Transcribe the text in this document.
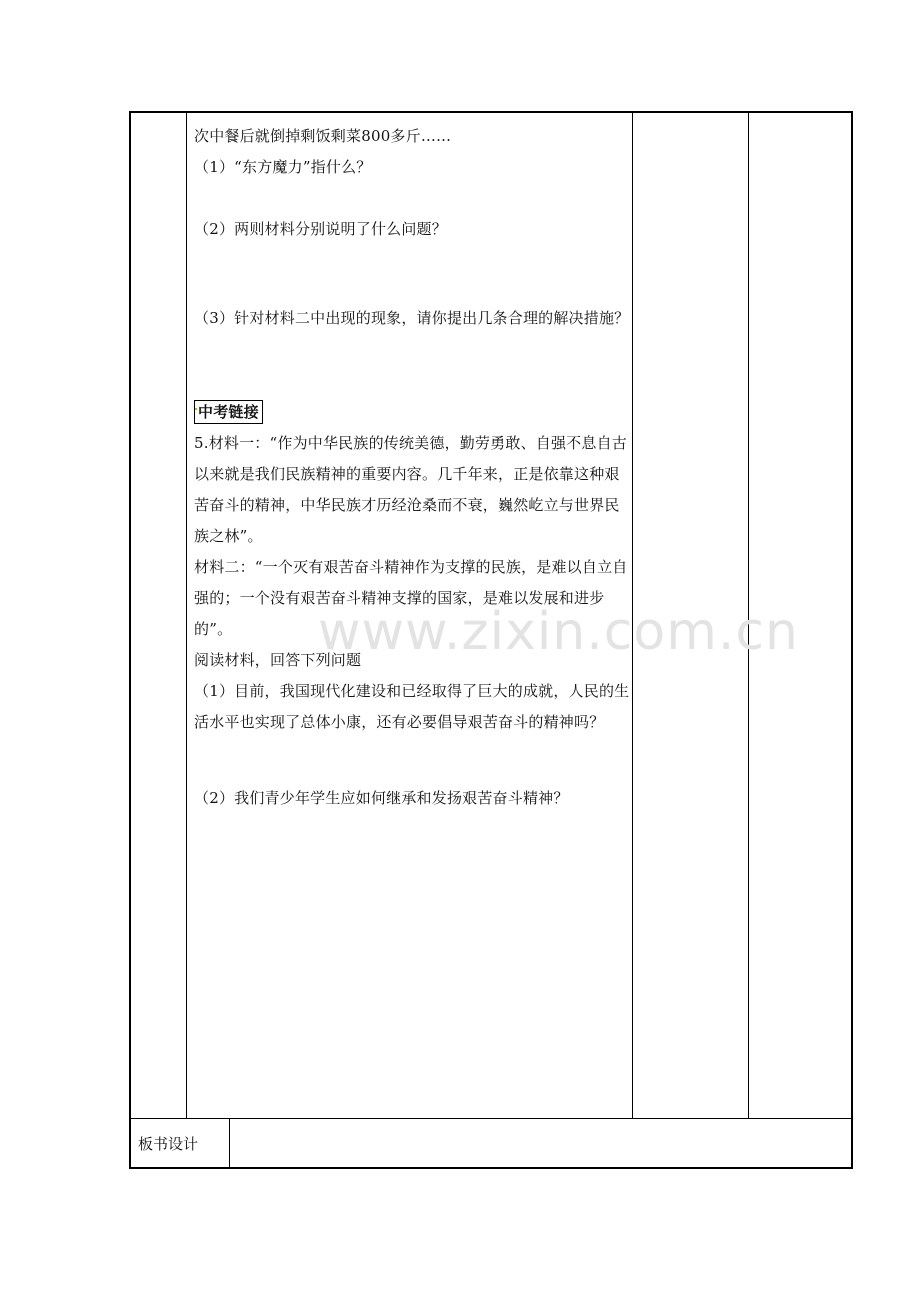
www.zixin.com.cn

次中餐后就倒掉剩饭剩菜800多斤……

（1）“东方魔力”指什么？

（2）两则材料分别说明了什么问题？

（3）针对材料二中出现的现象，请你提出几条合理的解决措施？

中考链接

5.材料一：“作为中华民族的传统美德，勤劳勇敢、自强不息自古以来就是我们民族精神的重要内容。几千年来，正是依靠这种艰苦奋斗的精神，中华民族才历经沧桑而不衰，巍然屹立与世界民族之林”。

材料二：“一个灭有艰苦奋斗精神作为支撑的民族，是难以自立自强的；一个没有艰苦奋斗精神支撑的国家，是难以发展和进步的”。

阅读材料，回答下列问题

（1）目前，我国现代化建设和已经取得了巨大的成就，人民的生活水平也实现了总体小康，还有必要倡导艰苦奋斗的精神吗？

（2）我们青少年学生应如何继承和发扬艰苦奋斗精神？

板书设计
